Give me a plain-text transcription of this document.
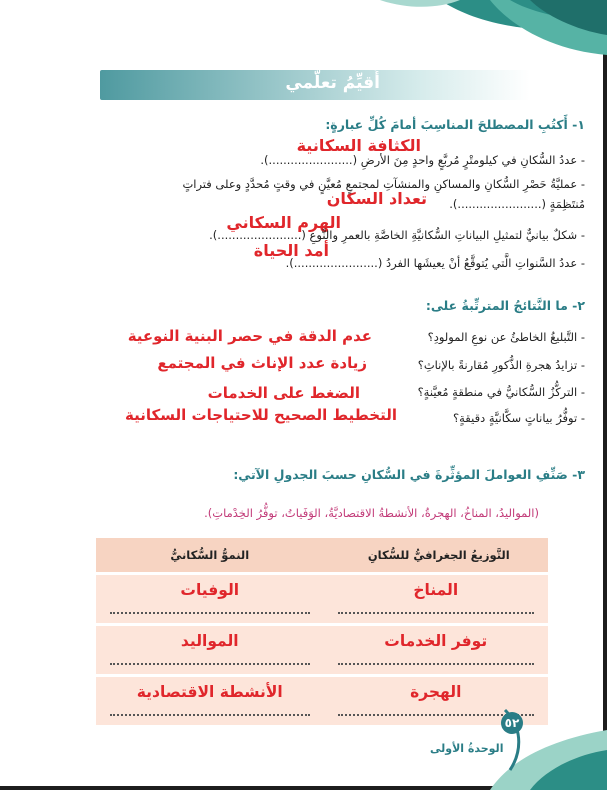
أُقيِّمُ تعلُّمي
١- أَكتُبِ المصطلحَ المناسِبَ أمامَ كُلِّ عبارةٍ:
الكثافة السكانية
- عددُ السُّكانِ في كيلومتْرٍ مُربَّعٍ واحدٍ مِنَ الأرضِ (.......................).
- عمليَّةُ حَصْرِ السُّكانِ والمساكنِ والمنشآتِ لمجتمعٍ مُعيَّنٍ في وقتٍ مُحدَّدٍ وعلى فتراتٍ
تعداد السكان مُنتَظِمَةٍ (.......................).
الهرم السكاني
- شكلٌ بيانيٌّ لتمثيلِ البياناتِ السُّكانيَّةِ الخاصَّةِ بالعمرِ والنَّوعِ (.......................).
أمد الحياة
- عددُ السَّنواتِ الَّتي يُتوقَّعُ أنْ يعيشَها الفردُ (.......................).
٢- ما النَّتائجُ المترتِّبةُ على:
- التَّبليغُ الخاطئُ عن نوعِ المولودِ؟
عدم الدقة في حصر البنية النوعية
- تزايدُ هجرةِ الذُّكورِ مُقارنةً بالإناثِ؟
زيادة عدد الإناث في المجتمع
- التركُّزُ السُّكانيُّ في منطقةٍ مُعيَّنةٍ؟
الضغط على الخدمات
- توفُّرُ بياناتٍ سكَّانيَّةٍ دقيقةٍ؟
التخطيط الصحيح للاحتياجات السكانية
٣- صَنِّفِ العواملَ المؤثِّرةَ في السُّكانِ حسبَ الجدولِ الآتي:
(المواليدُ، المناخُ، الهجرةُ، الأنشطةُ الاقتصاديَّةُ، الوَفَياتُ، توفُّرُ الخِدْماتِ).
النموُّ السُّكانيُّ	التَّوزيعُ الجغرافيُّ للسُّكانِ

الوفيات	المناخ

المواليد	توفر الخدمات

الأنشطة الاقتصادية	الهجرة
٥٢
الوحدةُ الأولى
